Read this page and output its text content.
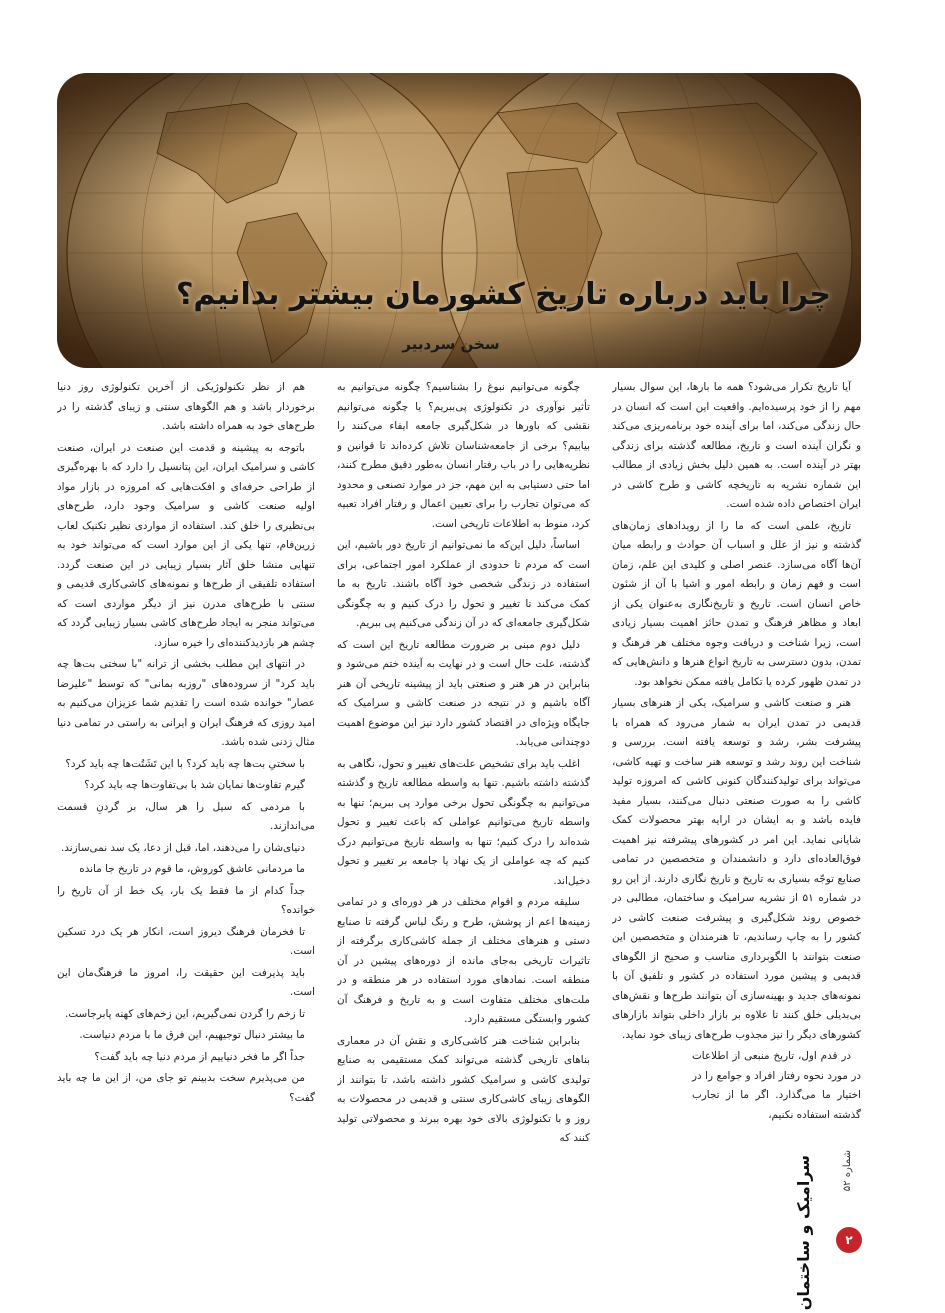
چرا باید درباره تاریخ کشورمان بیشتر بدانیم؟
سخن سردبیر

آیا تاریخ تکرار می‌شود؟ همه ما بارها، این سوال بسیار مهم را از خود پرسیده‌ایم. واقعیت این است که انسان در حال زندگی می‌کند، اما برای آینده خود برنامه‌ریزی می‌کند و نگران آینده است و تاریخ، مطالعه گذشته برای زندگی بهتر در آینده است. به همین دلیل بخش زیادی از مطالب این شماره نشریه به تاریخچه کاشی و طرح کاشی در ایران اختصاص داده شده است.

تاریخ، علمی است که ما را از رویدادهای زمان‌های گذشته و نیز از علل و اسباب آن حوادث و رابطه میان آن‌ها آگاه می‌سازد. عنصر اصلی و کلیدی این علم، زمان است و فهم زمان و رابطه امور و اشیا با آن از شئون خاص انسان است. تاریخ و تاریخ‌نگاری به‌عنوان یکی از ابعاد و مظاهر فرهنگ و تمدن حائز اهمیت بسیار زیادی است، زیرا شناخت و دریافت وجوه مختلف هر فرهنگ و تمدن، بدون دسترسی به تاریخ انواع هنرها و دانش‌هایی که در تمدن ظهور کرده یا تکامل یافته ممکن نخواهد بود.

هنر و صنعت کاشی و سرامیک، یکی از هنرهای بسیار قدیمی در تمدن ایران به شمار می‌رود که همراه با پیشرفت بشر، رشد و توسعه یافته است. بررسی و شناخت این روند رشد و توسعه هنر ساخت و تهیه کاشی، می‌تواند برای تولیدکنندگان کنونی کاشی که امروزه تولید کاشی را به صورت صنعتی دنبال می‌کنند، بسیار مفید فایده باشد و به ایشان در ارایه بهتر محصولات کمک شایانی نماید. این امر در کشورهای پیشرفته نیز اهمیت فوق‌العاده‌ای دارد و دانشمندان و متخصصین در تمامی صنایع توجّه بسیاری به تاریخ و تاریخ نگاری دارند. از این رو در شماره ۵۱ از نشریه سرامیک و ساختمان، مطالبی در خصوص روند شکل‌گیری و پیشرفت صنعت کاشی در کشور را به چاپ رساندیم، تا هنرمندان و متخصصین این صنعت بتوانند با الگوبرداری مناسب و صحیح از الگوهای قدیمی و پیشین مورد استفاده در کشور و تلفیق آن با نمونه‌های جدید و بهینه‌سازی آن بتوانند طرح‌ها و نقش‌های بی‌بدیلی خلق کنند تا علاوه بر بازار داخلی بتواند بازارهای کشورهای دیگر را نیز مجذوب طرح‌های زیبای خود نماید.

در قدم اول، تاریخ منبعی از اطلاعات در مورد نحوه رفتار افراد و جوامع را در اختیار ما می‌گذارد. اگر ما از تجارب گذشته استفاده نکنیم،

چگونه می‌توانیم نبوغ را بشناسیم؟ چگونه می‌توانیم به تأثیر نوآوری در تکنولوژی پی‌ببریم؟ یا چگونه می‌توانیم نقشی که باورها در شکل‌گیری جامعه ایفاء می‌کنند را بیابیم؟ برخی از جامعه‌شناسان تلاش کرده‌اند تا قوانین و نظریه‌هایی را در باب رفتار انسان به‌طور دقیق مطرح کنند، اما حتی دستیابی به این مهم، جز در موارد تصنعی و محدود که می‌توان تجارب را برای تعیین اعمال و رفتار افراد تعبیه کرد، منوط به اطلاعات تاریخی است.

اساساً، دلیل این‌که ما نمی‌توانیم از تاریخ دور باشیم، این است که مردم تا حدودی از عملکرد امور اجتماعی، برای استفاده در زندگی شخصی خود آگاه باشند. تاریخ به ما کمک می‌کند تا تغییر و تحول را درک کنیم و به چگونگی شکل‌گیری جامعه‌ای که در آن زندگی می‌کنیم پی ببریم.

دلیل دوم مبنی بر ضرورت مطالعه تاریخ این است که گذشته، علت حال است و در نهایت به آینده ختم می‌شود و بنابراین در هر هنر و صنعتی باید از پیشینه تاریخی آن هنر آگاه باشیم و در نتیجه در صنعت کاشی و سرامیک که جایگاه ویژه‌ای در اقتصاد کشور دارد نیز این موضوع اهمیت دوچندانی می‌یابد.

اغلب باید برای تشخیص علت‌های تغییر و تحول، نگاهی به گذشته داشته باشیم. تنها به واسطه مطالعه تاریخ و گذشته می‌توانیم به چگونگی تحول برخی موارد پی ببریم؛ تنها به واسطه تاریخ می‌توانیم عواملی که باعث تغییر و تحول شده‌اند را درک کنیم؛ تنها به واسطه تاریخ می‌توانیم درک کنیم که چه عواملی از یک نهاد یا جامعه بر تغییر و تحول دخیل‌اند.

سلیقه مردم و اقوام مختلف در هر دوره‌ای و در تمامی زمینه‌ها اعم از پوشش، طرح و رنگ لباس گرفته تا صنایع دستی و هنرهای مختلف از جمله کاشی‌کاری برگرفته از تاثیرات تاریخی به‌جای مانده از دوره‌های پیشین در آن منطقه است. نمادهای مورد استفاده در هر منطقه و در ملت‌های مختلف متفاوت است و به تاریخ و فرهنگ آن کشور وابستگی مستقیم دارد.

بنابراین شناخت هنر کاشی‌کاری و نقش آن در معماری بناهای تاریخی گذشته می‌تواند کمک مستقیمی به صنایع تولیدی کاشی و سرامیک کشور داشته باشد، تا بتوانند از الگوهای زیبای کاشی‌کاری سنتی و قدیمی در محصولات به روز و با تکنولوژی بالای خود بهره ببرند و محصولاتی تولید کنند که

هم از نظر تکنولوژیکی از آخرین تکنولوژی روز دنیا برخوردار باشد و هم الگوهای سنتی و زیبای گذشته را در طرح‌های خود به همراه داشته باشد.

باتوجه به پیشینه و قدمت این صنعت در ایران، صنعت کاشی و سرامیک ایران، این پتانسیل را دارد که با بهره‌گیری از طراحی حرفه‌ای و افکت‌هایی که امروزه در بازار مواد اولیه صنعت کاشی و سرامیک وجود دارد، طرح‌های بی‌نظیری را خلق کند. استفاده از مواردی نظیر تکنیک لعاب زرین‌فام، تنها یکی از این موارد است که می‌تواند خود به تنهایی منشا خلق آثار بسیار زیبایی در این صنعت گردد. استفاده تلفیقی از طرح‌ها و نمونه‌های کاشی‌کاری قدیمی و سنتی با طرح‌های مدرن نیز از دیگر مواردی است که می‌تواند منجر به ایجاد طرح‌های کاشی بسیار زیبایی گردد که چشم هر بازدیدکننده‌ای را خیره سازد.

در انتهای این مطلب بخشی از ترانه "با سختی بت‌ها چه باید کرد" از سروده‌های "روزبه بمانی" که توسط "علیرضا عصار" خوانده شده است را تقدیم شما عزیزان می‌کنیم به امید روزی که فرهنگ ایران و ایرانی به راستی در تمامی دنیا مثال زدنی شده باشد.

با سختیِ بت‌ها چه باید کرد؟ با این تَشَتُت‌ها چه باید کرد؟

گیرم تفاوت‌ها نمایان شد با بی‌تفاوت‌ها چه باید کرد؟

با مردمی که سیل را هر سال، بر گردنِ قسمت می‌اندازند.

دنیای‌شان را می‌دهند، اما، قبل از دعا، یک سد نمی‌سازند.

ما مردمانی عاشق کوروش، ما قوم در تاریخ جا مانده

جداً کدام از ما فقط یک بار، یک خط از آن تاریخ را خوانده؟

تا فخرمان فرهنگ دیروز است، انکار هر یک درد تسکین است.

باید پذیرفت این حقیقت را، امروز ما فرهنگ‌مان این است.

تا زخم را گردن نمی‌گیریم، این زخم‌های کهنه پابرجاست.

ما بیشتر دنبال توجیهیم، این فرق ما با مردم دنیاست.

جداً اگر ما فخر دنیاییم از مردم دنیا چه باید گفت؟

من می‌پذیرم سخت بدبینم تو جای من، از این ما چه باید گفت؟

سرامیک و ساختمان	شماره ۵۲
۲
